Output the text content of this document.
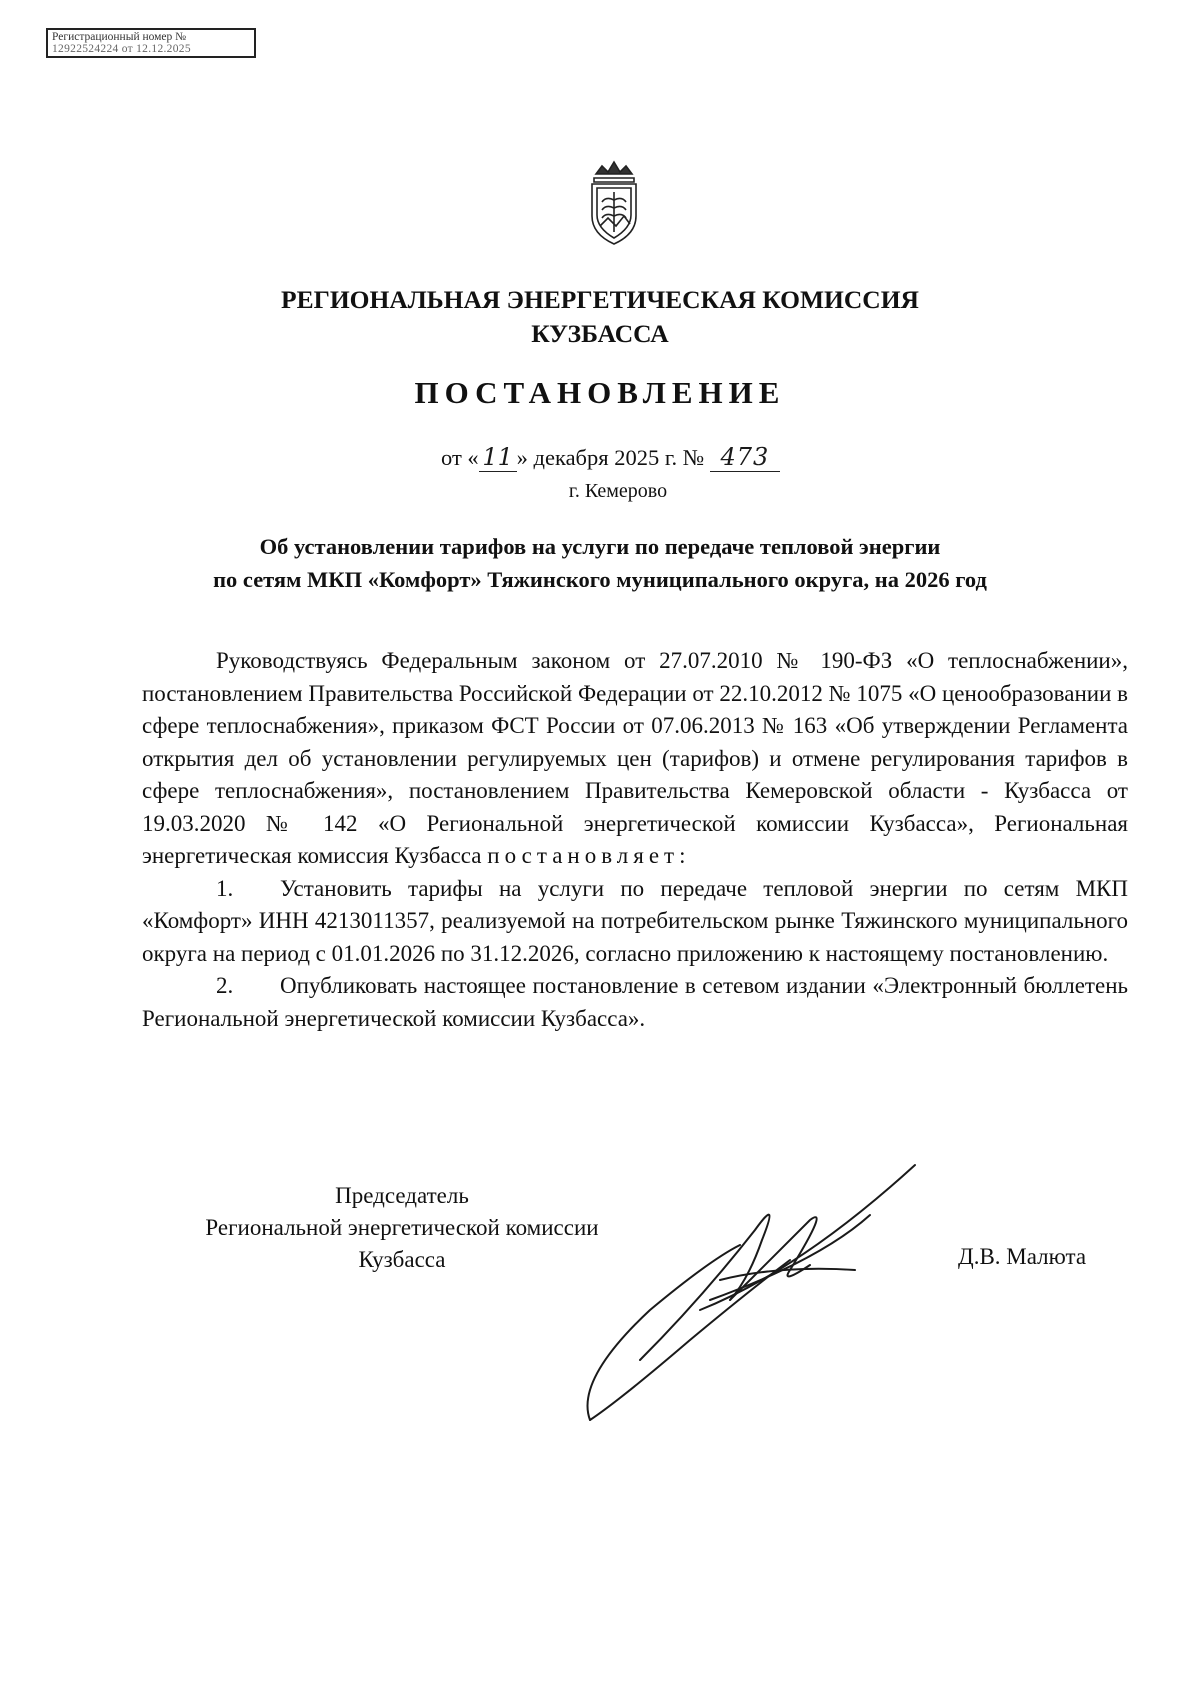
Регистрационный номер №
12922524224 от 12.12.2025
РЕГИОНАЛЬНАЯ ЭНЕРГЕТИЧЕСКАЯ КОМИССИЯ
КУЗБАССА
ПОСТАНОВЛЕНИЕ
от « 11 » декабря 2025 г. № 473
г. Кемерово
Об установлении тарифов на услуги по передаче тепловой энергии
по сетям МКП «Комфорт» Тяжинского муниципального округа, на 2026 год

Руководствуясь Федеральным законом от 27.07.2010 № 190-ФЗ «О теплоснабжении», постановлением Правительства Российской Федерации от 22.10.2012 № 1075 «О ценообразовании в сфере теплоснабжения», приказом ФСТ России от 07.06.2013 № 163 «Об утверждении Регламента открытия дел об установлении регулируемых цен (тарифов) и отмене регулирования тарифов в сфере теплоснабжения», постановлением Правительства Кемеровской области - Кузбасса от 19.03.2020 № 142 «О Региональной энергетической комиссии Кузбасса», Региональная энергетическая комиссия Кузбасса постановляет:

1. Установить тарифы на услуги по передаче тепловой энергии по сетям МКП «Комфорт» ИНН 4213011357, реализуемой на потребительском рынке Тяжинского муниципального округа на период с 01.01.2026 по 31.12.2026, согласно приложению к настоящему постановлению.

2. Опубликовать настоящее постановление в сетевом издании «Электронный бюллетень Региональной энергетической комиссии Кузбасса».

Председатель
Региональной энергетической комиссии
Кузбасса	Д.В. Малюта
